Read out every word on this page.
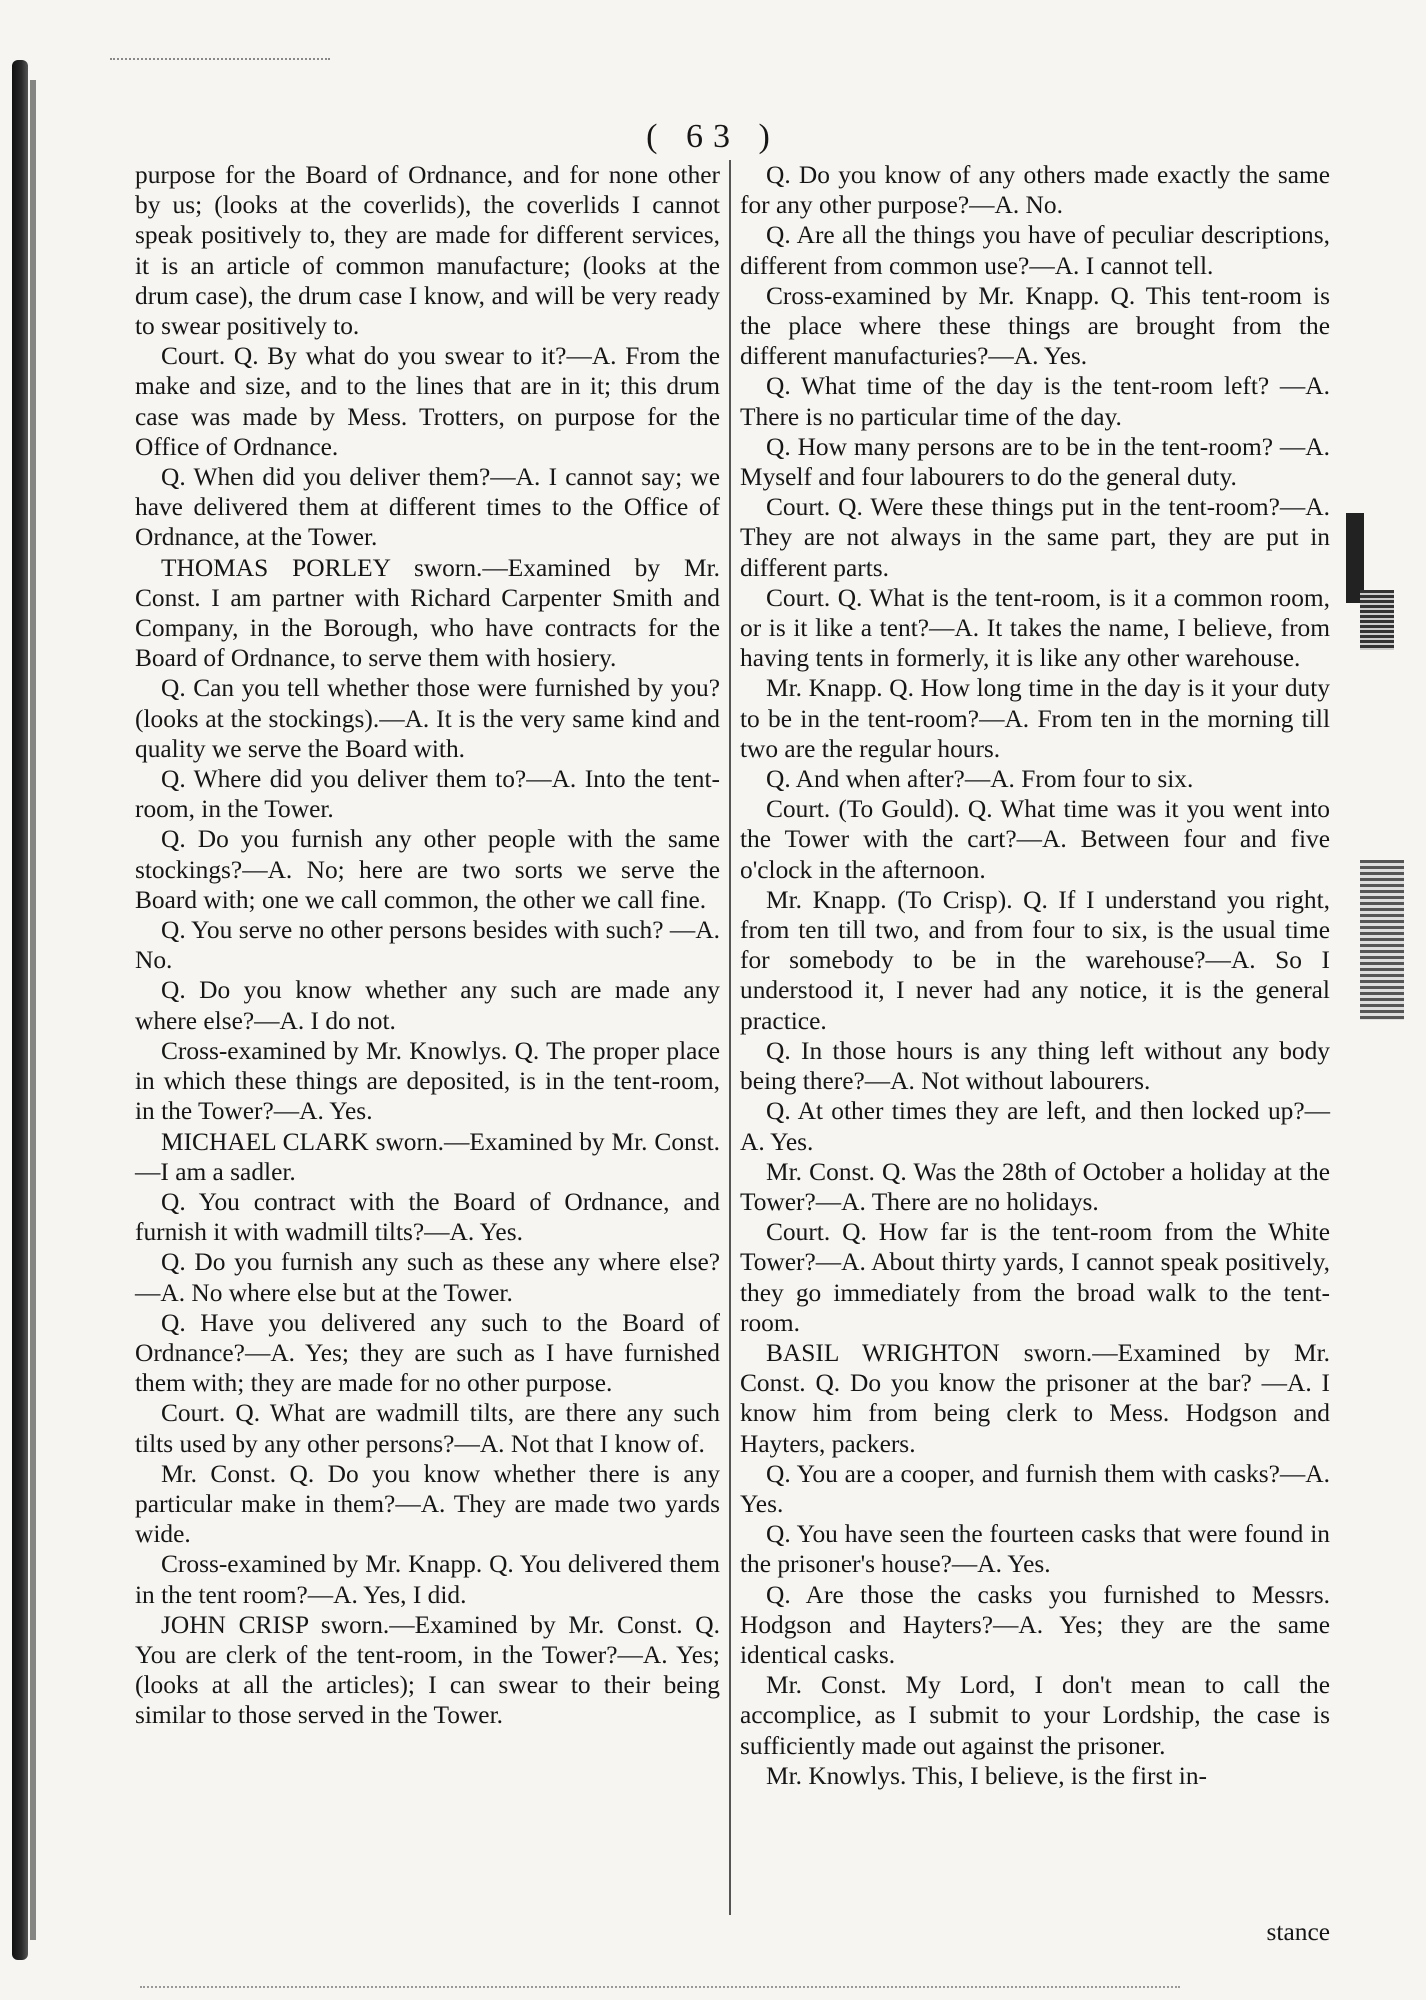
( 63 )

purpose for the Board of Ordnance, and for none other by us; (looks at the coverlids), the coverlids I cannot speak positively to, they are made for different services, it is an article of common manufacture; (looks at the drum case), the drum case I know, and will be very ready to swear positively to.

Court. Q. By what do you swear to it?—A. From the make and size, and to the lines that are in it; this drum case was made by Mess. Trotters, on purpose for the Office of Ordnance.

Q. When did you deliver them?—A. I cannot say; we have delivered them at different times to the Office of Ordnance, at the Tower.

THOMAS PORLEY sworn.—Examined by Mr. Const. I am partner with Richard Carpenter Smith and Company, in the Borough, who have contracts for the Board of Ordnance, to serve them with hosiery.

Q. Can you tell whether those were furnished by you? (looks at the stockings).—A. It is the very same kind and quality we serve the Board with.

Q. Where did you deliver them to?—A. Into the tent-room, in the Tower.

Q. Do you furnish any other people with the same stockings?—A. No; here are two sorts we serve the Board with; one we call common, the other we call fine.

Q. You serve no other persons besides with such? —A. No.

Q. Do you know whether any such are made any where else?—A. I do not.

Cross-examined by Mr. Knowlys. Q. The proper place in which these things are deposited, is in the tent-room, in the Tower?—A. Yes.

MICHAEL CLARK sworn.—Examined by Mr. Const.—I am a sadler.

Q. You contract with the Board of Ordnance, and furnish it with wadmill tilts?—A. Yes.

Q. Do you furnish any such as these any where else?—A. No where else but at the Tower.

Q. Have you delivered any such to the Board of Ordnance?—A. Yes; they are such as I have furnished them with; they are made for no other purpose.

Court. Q. What are wadmill tilts, are there any such tilts used by any other persons?—A. Not that I know of.

Mr. Const. Q. Do you know whether there is any particular make in them?—A. They are made two yards wide.

Cross-examined by Mr. Knapp. Q. You delivered them in the tent room?—A. Yes, I did.

JOHN CRISP sworn.—Examined by Mr. Const. Q. You are clerk of the tent-room, in the Tower?—A. Yes; (looks at all the articles); I can swear to their being similar to those served in the Tower.

Q. Do you know of any others made exactly the same for any other purpose?—A. No.

Q. Are all the things you have of peculiar descriptions, different from common use?—A. I cannot tell.

Cross-examined by Mr. Knapp. Q. This tent-room is the place where these things are brought from the different manufacturies?—A. Yes.

Q. What time of the day is the tent-room left? —A. There is no particular time of the day.

Q. How many persons are to be in the tent-room? —A. Myself and four labourers to do the general duty.

Court. Q. Were these things put in the tent-room?—A. They are not always in the same part, they are put in different parts.

Court. Q. What is the tent-room, is it a common room, or is it like a tent?—A. It takes the name, I believe, from having tents in formerly, it is like any other warehouse.

Mr. Knapp. Q. How long time in the day is it your duty to be in the tent-room?—A. From ten in the morning till two are the regular hours.

Q. And when after?—A. From four to six.

Court. (To Gould). Q. What time was it you went into the Tower with the cart?—A. Between four and five o'clock in the afternoon.

Mr. Knapp. (To Crisp). Q. If I understand you right, from ten till two, and from four to six, is the usual time for somebody to be in the warehouse?—A. So I understood it, I never had any notice, it is the general practice.

Q. In those hours is any thing left without any body being there?—A. Not without labourers.

Q. At other times they are left, and then locked up?—A. Yes.

Mr. Const. Q. Was the 28th of October a holiday at the Tower?—A. There are no holidays.

Court. Q. How far is the tent-room from the White Tower?—A. About thirty yards, I cannot speak positively, they go immediately from the broad walk to the tent-room.

BASIL WRIGHTON sworn.—Examined by Mr. Const. Q. Do you know the prisoner at the bar? —A. I know him from being clerk to Mess. Hodgson and Hayters, packers.

Q. You are a cooper, and furnish them with casks?—A. Yes.

Q. You have seen the fourteen casks that were found in the prisoner's house?—A. Yes.

Q. Are those the casks you furnished to Messrs. Hodgson and Hayters?—A. Yes; they are the same identical casks.

Mr. Const. My Lord, I don't mean to call the accomplice, as I submit to your Lordship, the case is sufficiently made out against the prisoner.

Mr. Knowlys. This, I believe, is the first in-

stance
